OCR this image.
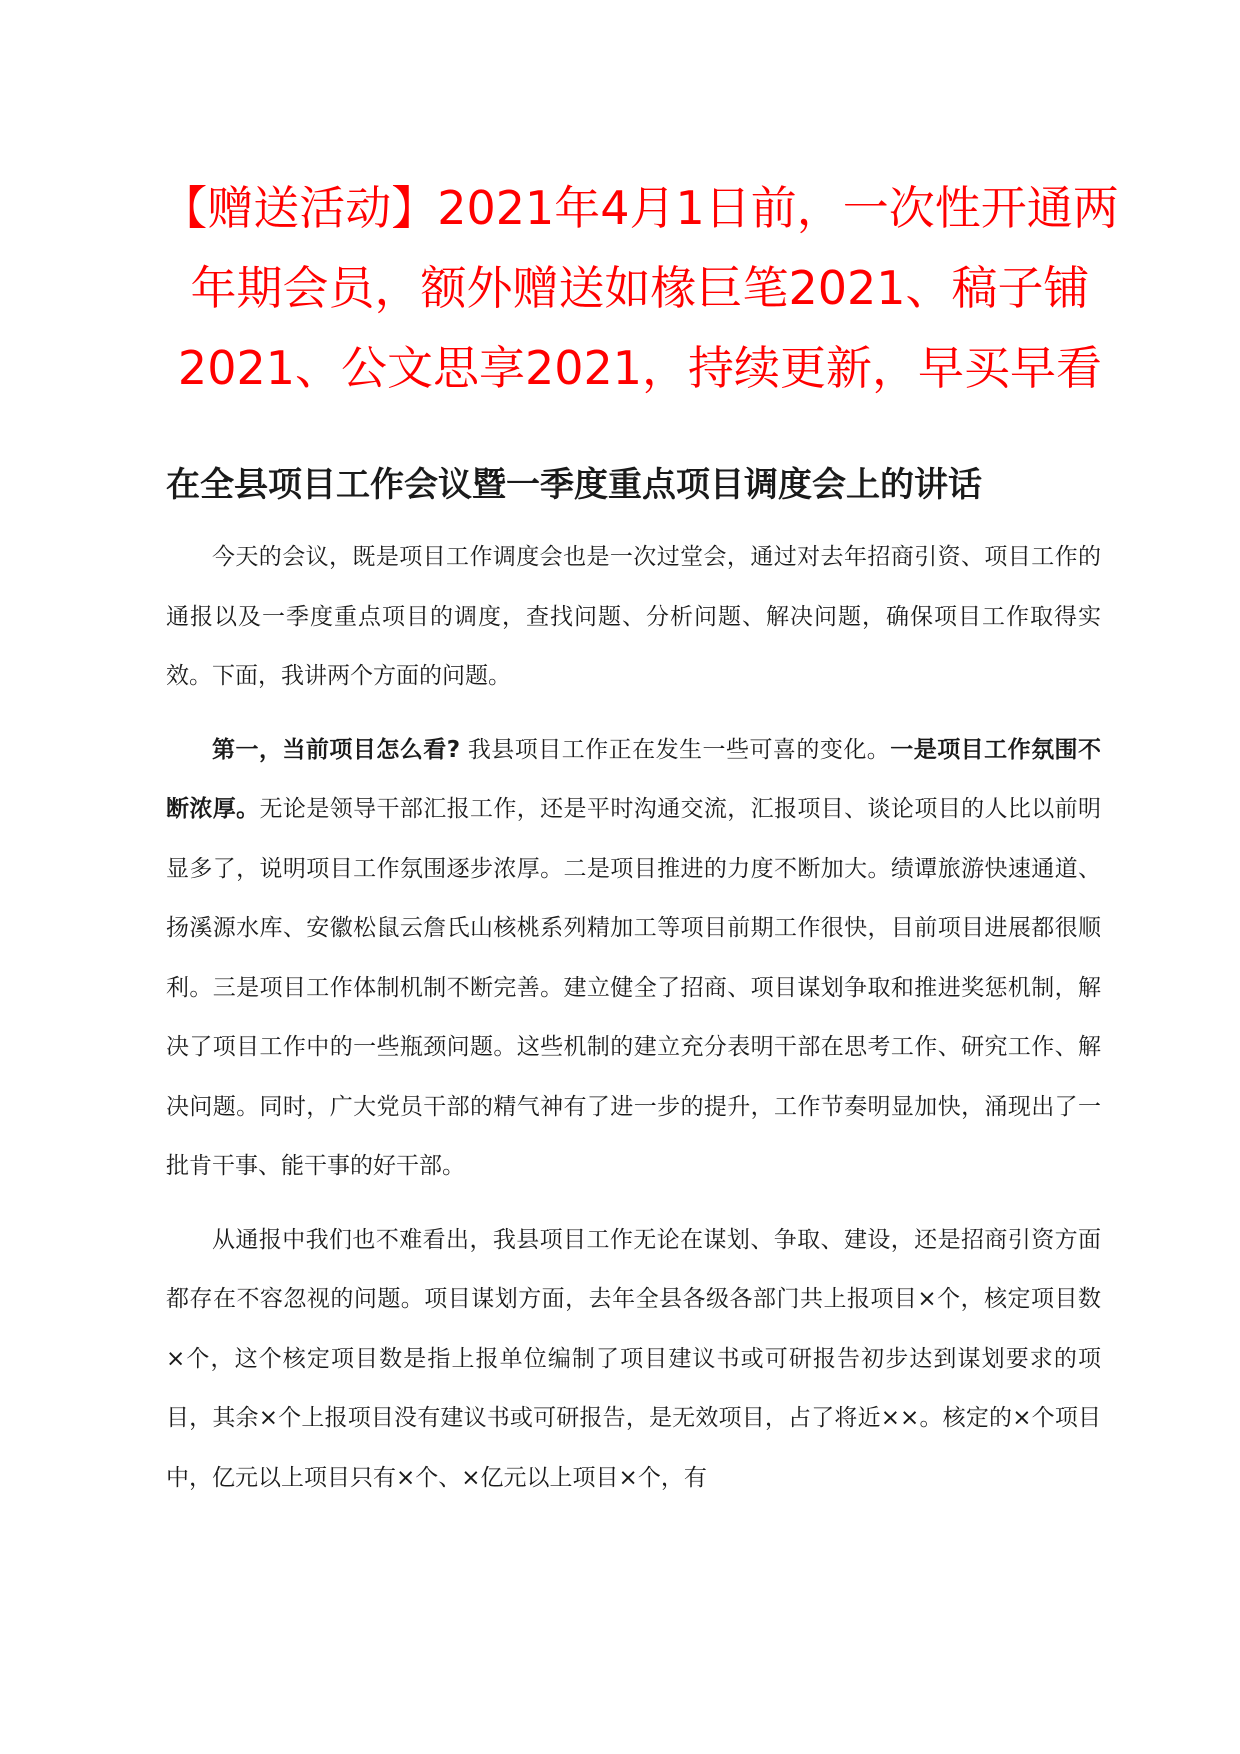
【赠送活动】2021年4月1日前，一次性开通两
年期会员，额外赠送如椽巨笔2021、稿子铺
2021、公文思享2021，持续更新，早买早看
在全县项目工作会议暨一季度重点项目调度会上的讲话

今天的会议，既是项目工作调度会也是一次过堂会，通过对去年招商引资、项目工作的通报以及一季度重点项目的调度，查找问题、分析问题、解决问题，确保项目工作取得实效。下面，我讲两个方面的问题。

第一，当前项目怎么看? 我县项目工作正在发生一些可喜的变化。一是项目工作氛围不断浓厚。无论是领导干部汇报工作，还是平时沟通交流，汇报项目、谈论项目的人比以前明显多了，说明项目工作氛围逐步浓厚。二是项目推进的力度不断加大。绩谭旅游快速通道、扬溪源水库、安徽松鼠云詹氏山核桃系列精加工等项目前期工作很快，目前项目进展都很顺利。三是项目工作体制机制不断完善。建立健全了招商、项目谋划争取和推进奖惩机制，解决了项目工作中的一些瓶颈问题。这些机制的建立充分表明干部在思考工作、研究工作、解决问题。同时，广大党员干部的精气神有了进一步的提升，工作节奏明显加快，涌现出了一批肯干事、能干事的好干部。

从通报中我们也不难看出，我县项目工作无论在谋划、争取、建设，还是招商引资方面都存在不容忽视的问题。项目谋划方面，去年全县各级各部门共上报项目×个，核定项目数×个，这个核定项目数是指上报单位编制了项目建议书或可研报告初步达到谋划要求的项目，其余×个上报项目没有建议书或可研报告，是无效项目，占了将近××。核定的×个项目中，亿元以上项目只有×个、×亿元以上项目×个，有
